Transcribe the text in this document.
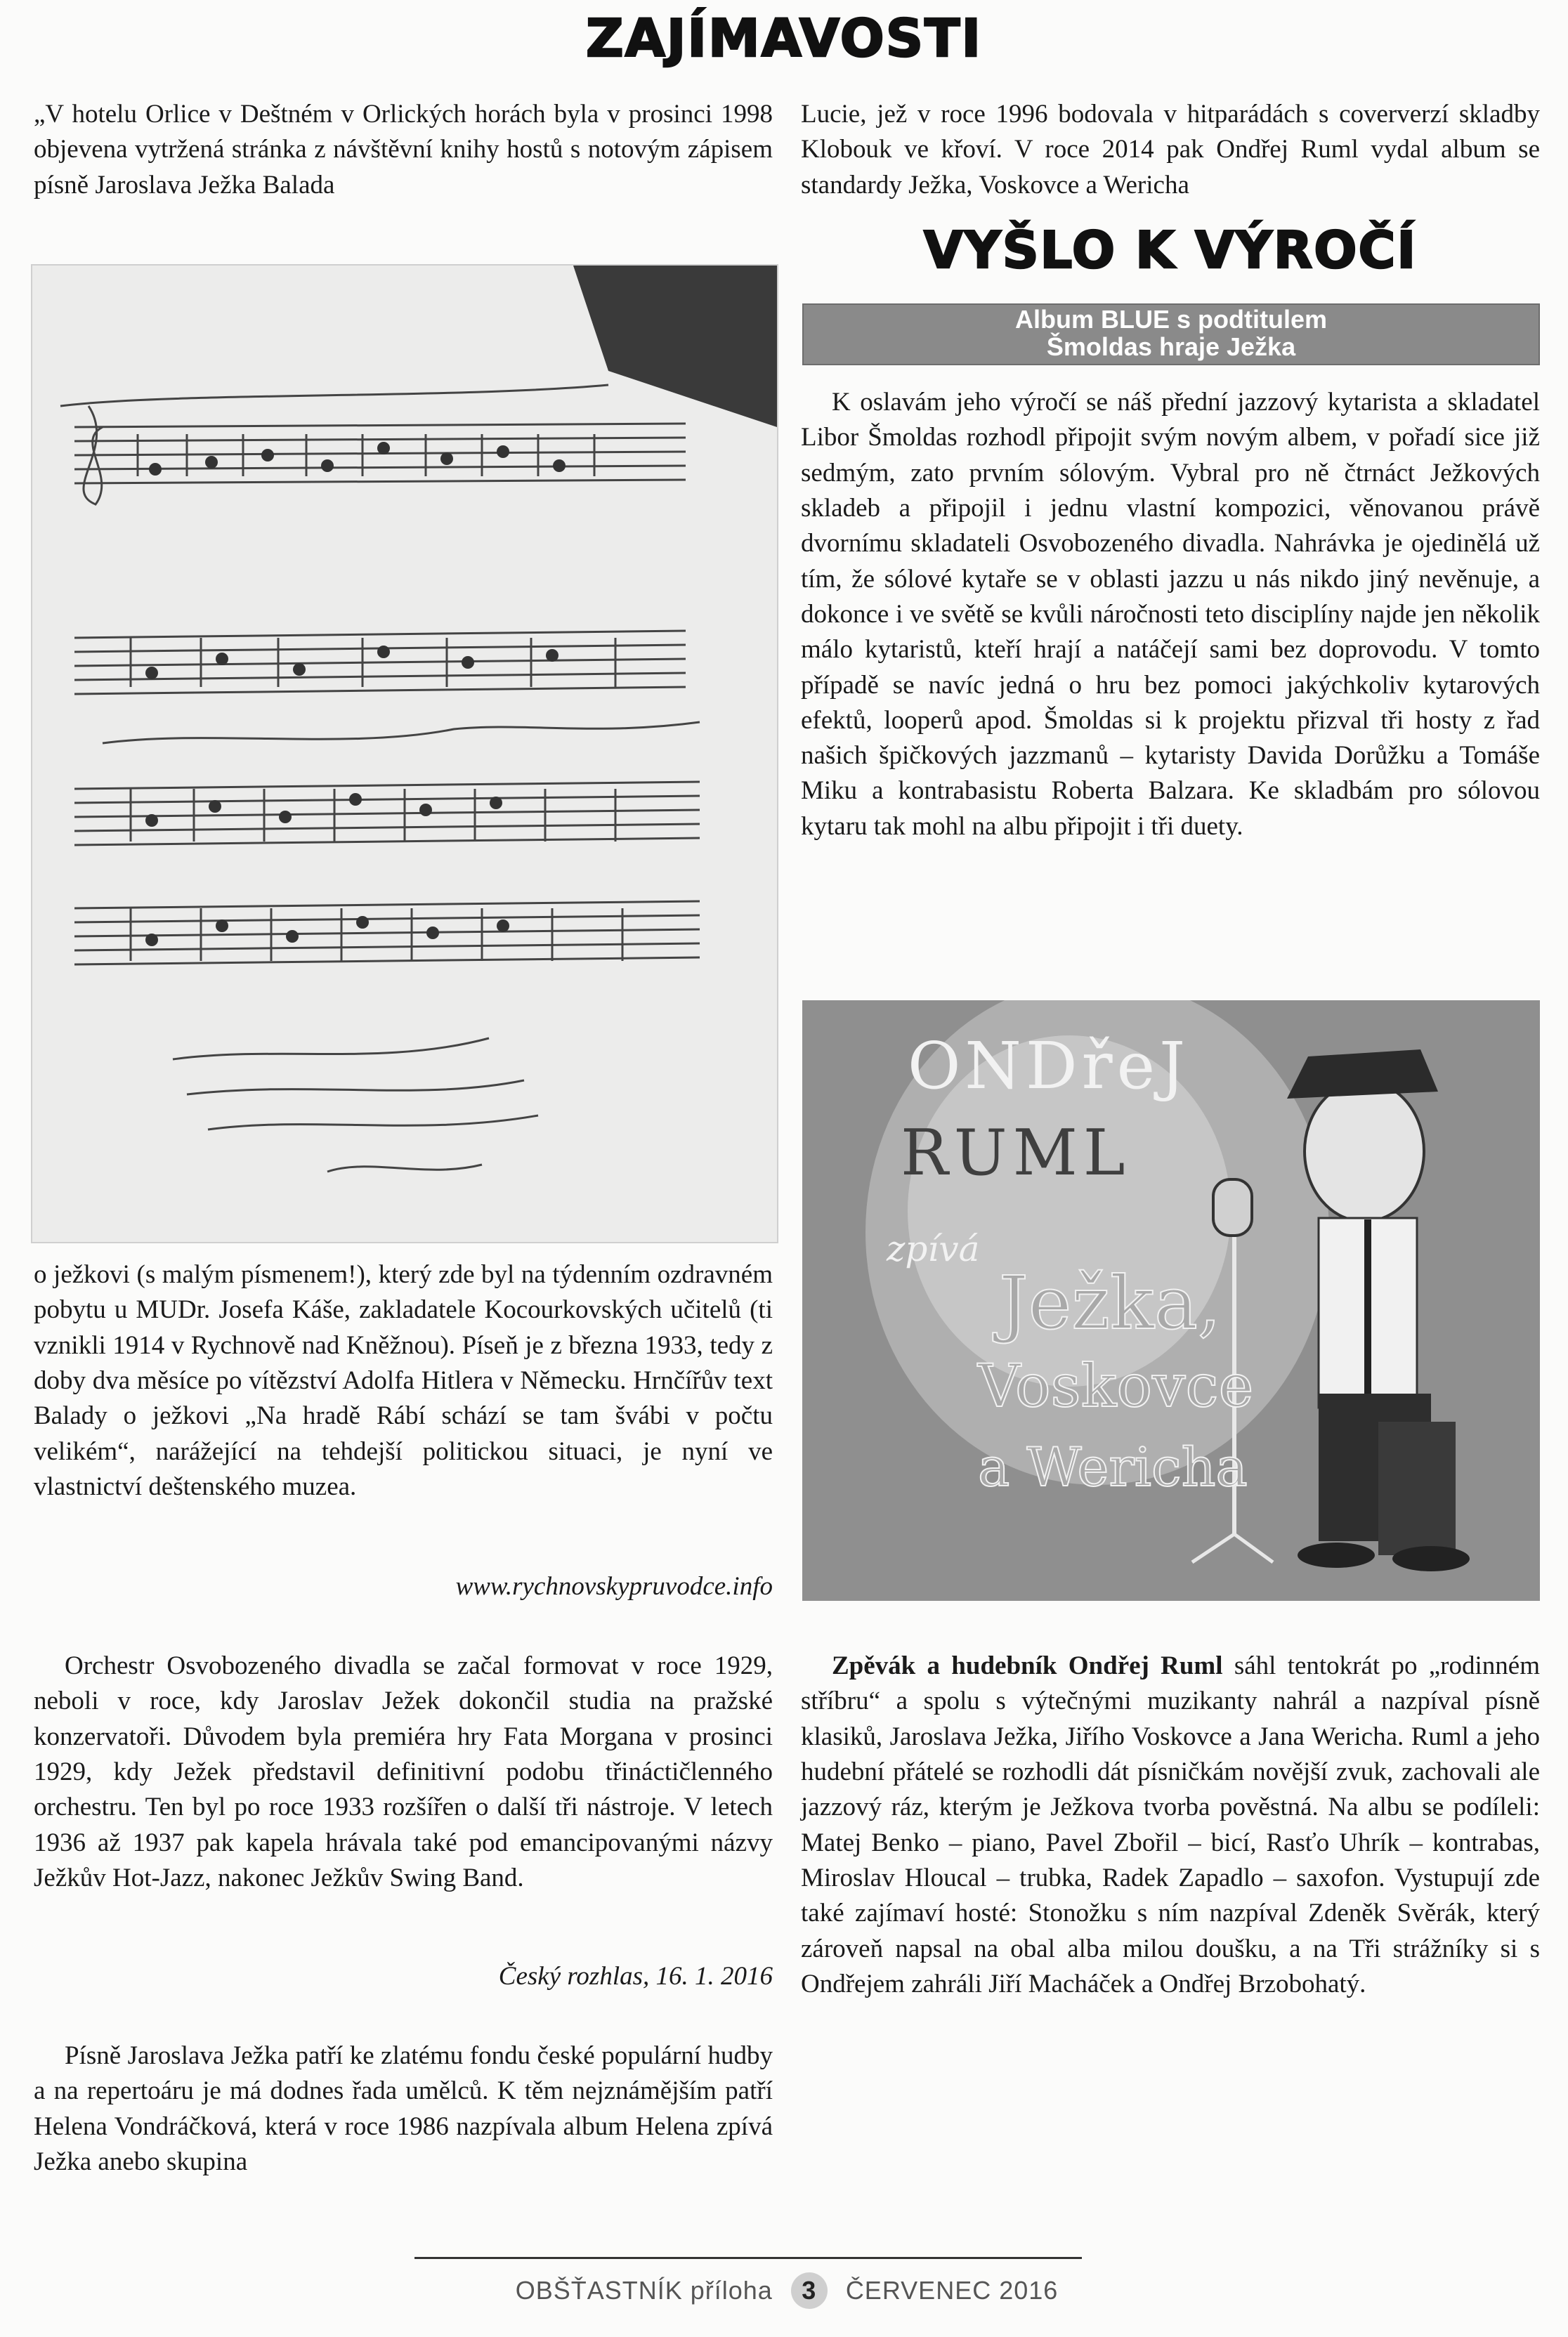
ZAJÍMAVOSTI

„V hotelu Orlice v Deštném v Orlických horách byla v prosinci 1998 objevena vytržená stránka z návštěvní knihy hostů s notovým zápisem písně Jaroslava Ježka Balada

o ježkovi (s malým písmenem!), který zde byl na týdenním ozdravném pobytu u MUDr. Josefa Káše, zakladatele Kocourkovských učitelů (ti vznikli 1914 v Rychnově nad Kněžnou). Píseň je z března 1933, tedy z doby dva měsíce po vítězství Adolfa Hitlera v Německu. Hrnčířův text Balady o ježkovi „Na hradě Rábí schází se tam švábi v počtu velikém“, narážející na tehdejší politickou situaci, je nyní ve vlastnictví deštenského muzea.

www.rychnovskypruvodce.info

Orchestr Osvobozeného divadla se začal formovat v roce 1929, neboli v roce, kdy Jaroslav Ježek dokončil studia na pražské konzervatoři. Důvodem byla premiéra hry Fata Morgana v prosinci 1929, kdy Ježek představil definitivní podobu třináctičlenného orchestru. Ten byl po roce 1933 rozšířen o další tři nástroje. V letech 1936 až 1937 pak kapela hrávala také pod emancipovanými názvy Ježkův Hot-Jazz, nakonec Ježkův Swing Band.

Český rozhlas, 16. 1. 2016

Písně Jaroslava Ježka patří ke zlatému fondu české populární hudby a na repertoáru je má dodnes řada umělců. K těm nejznámějším patří Helena Vondráčková, která v roce 1986 nazpívala album Helena zpívá Ježka anebo skupina

Lucie, jež v roce 1996 bodovala v hitparádách s coververzí skladby Klobouk ve křoví. V roce 2014 pak Ondřej Ruml vydal album se standardy Ježka, Voskovce a Wericha

VYŠLO K VÝROČÍ
Album BLUE s podtitulem
Šmoldas hraje Ježka

K oslavám jeho výročí se náš přední jazzový kytarista a skladatel Libor Šmoldas rozhodl připojit svým novým albem, v pořadí sice již sedmým, zato prvním sólovým. Vybral pro ně čtrnáct Ježkových skladeb a připojil i jednu vlastní kompozici, věnovanou právě dvornímu skladateli Osvobozeného divadla. Nahrávka je ojedinělá už tím, že sólové kytaře se v oblasti jazzu u nás nikdo jiný nevěnuje, a dokonce i ve světě se kvůli náročnosti teto disciplíny najde jen několik málo kytaristů, kteří hrají a natáčejí sami bez doprovodu. V tomto případě se navíc jedná o hru bez pomoci jakýchkoliv kytarových efektů, looperů apod. Šmoldas si k projektu přizval tři hosty z řad našich špičkových jazzmanů – kytaristy Davida Dorůžku a Tomáše Miku a kontrabasistu Roberta Balzara. Ke skladbám pro sólovou kytaru tak mohl na albu připojit i tři duety.

ONDřeJ
RUML
zpívá
Ježka,
Voskovce
a Wericha

Zpěvák a hudebník Ondřej Ruml sáhl tentokrát po „rodinném stříbru“ a spolu s výtečnými muzikanty nahrál a nazpíval písně klasiků, Jaroslava Ježka, Jiřího Voskovce a Jana Wericha. Ruml a jeho hudební přátelé se rozhodli dát písničkám novější zvuk, zachovali ale jazzový ráz, kterým je Ježkova tvorba pověstná. Na albu se podíleli: Matej Benko – piano, Pavel Zbořil – bicí, Rasťo Uhrík – kontrabas, Miroslav Hloucal – trubka, Radek Zapadlo – saxofon. Vystupují zde také zajímaví hosté: Stonožku s ním nazpíval Zdeněk Svěrák, který zároveň napsal na obal alba milou doušku, a na Tři strážníky si s Ondřejem zahráli Jiří Macháček a Ondřej Brzobohatý.

OBŠŤASTNÍK příloha	3	ČERVENEC 2016
